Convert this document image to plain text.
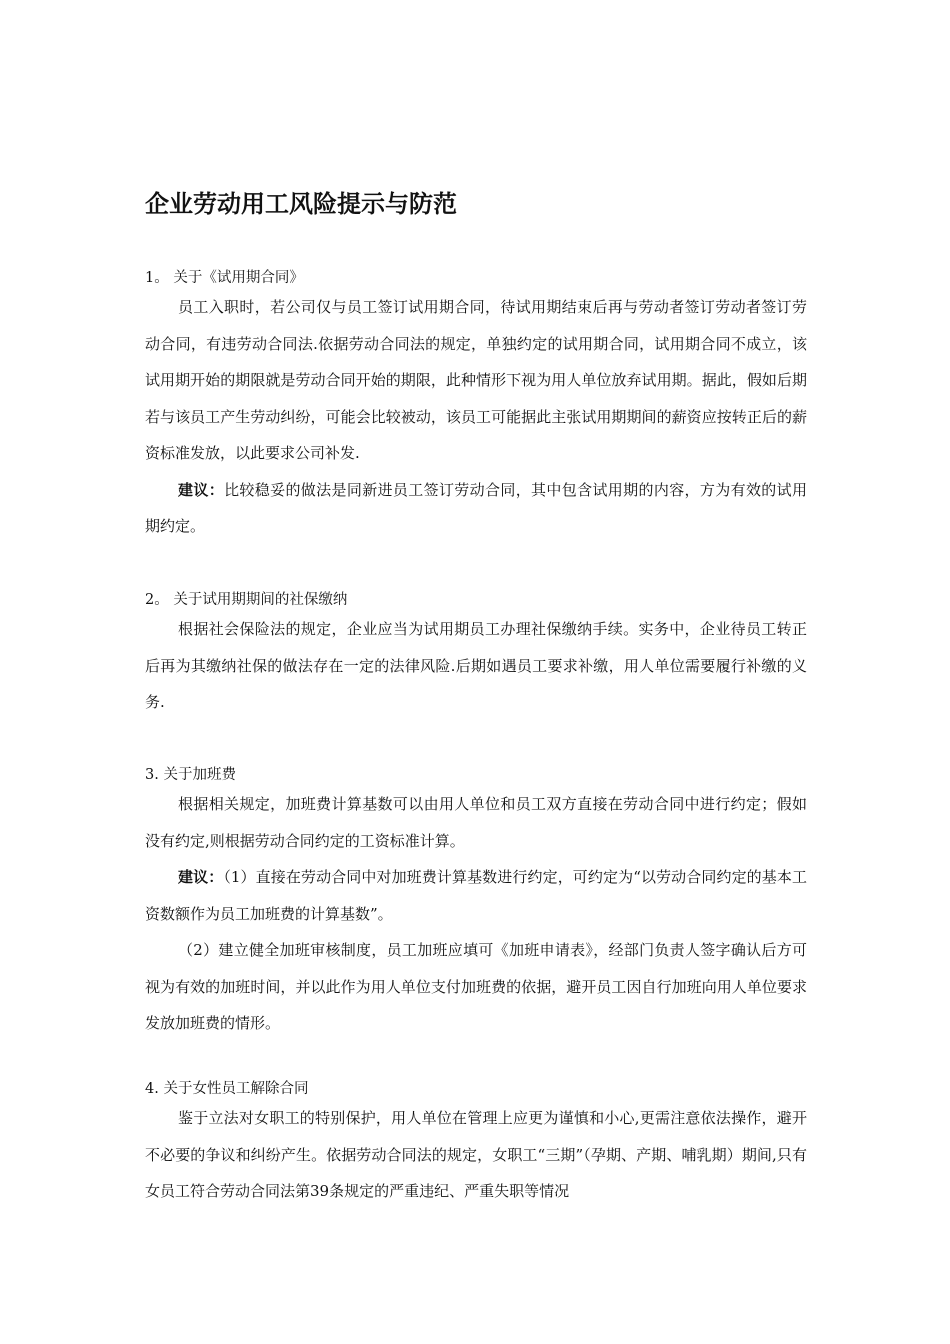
企业劳动用工风险提示与防范

1。 关于《试用期合同》

员工入职时，若公司仅与员工签订试用期合同，待试用期结束后再与劳动者签订劳动者签订劳动合同，有违劳动合同法.依据劳动合同法的规定，单独约定的试用期合同，试用期合同不成立，该试用期开始的期限就是劳动合同开始的期限，此种情形下视为用人单位放弃试用期。据此，假如后期若与该员工产生劳动纠纷，可能会比较被动，该员工可能据此主张试用期期间的薪资应按转正后的薪资标准发放，以此要求公司补发.

建议：比较稳妥的做法是同新进员工签订劳动合同，其中包含试用期的内容，方为有效的试用期约定。

2。 关于试用期期间的社保缴纳

根据社会保险法的规定，企业应当为试用期员工办理社保缴纳手续。实务中，企业待员工转正后再为其缴纳社保的做法存在一定的法律风险.后期如遇员工要求补缴，用人单位需要履行补缴的义务.

3. 关于加班费

根据相关规定，加班费计算基数可以由用人单位和员工双方直接在劳动合同中进行约定；假如没有约定,则根据劳动合同约定的工资标准计算。

建议：（1）直接在劳动合同中对加班费计算基数进行约定，可约定为“以劳动合同约定的基本工资数额作为员工加班费的计算基数”。

（2）建立健全加班审核制度，员工加班应填可《加班申请表》，经部门负责人签字确认后方可视为有效的加班时间，并以此作为用人单位支付加班费的依据，避开员工因自行加班向用人单位要求发放加班费的情形。

4. 关于女性员工解除合同

鉴于立法对女职工的特别保护，用人单位在管理上应更为谨慎和小心,更需注意依法操作，避开不必要的争议和纠纷产生。依据劳动合同法的规定，女职工“三期”（孕期、产期、哺乳期）期间,只有女员工符合劳动合同法第39条规定的严重违纪、严重失职等情况
